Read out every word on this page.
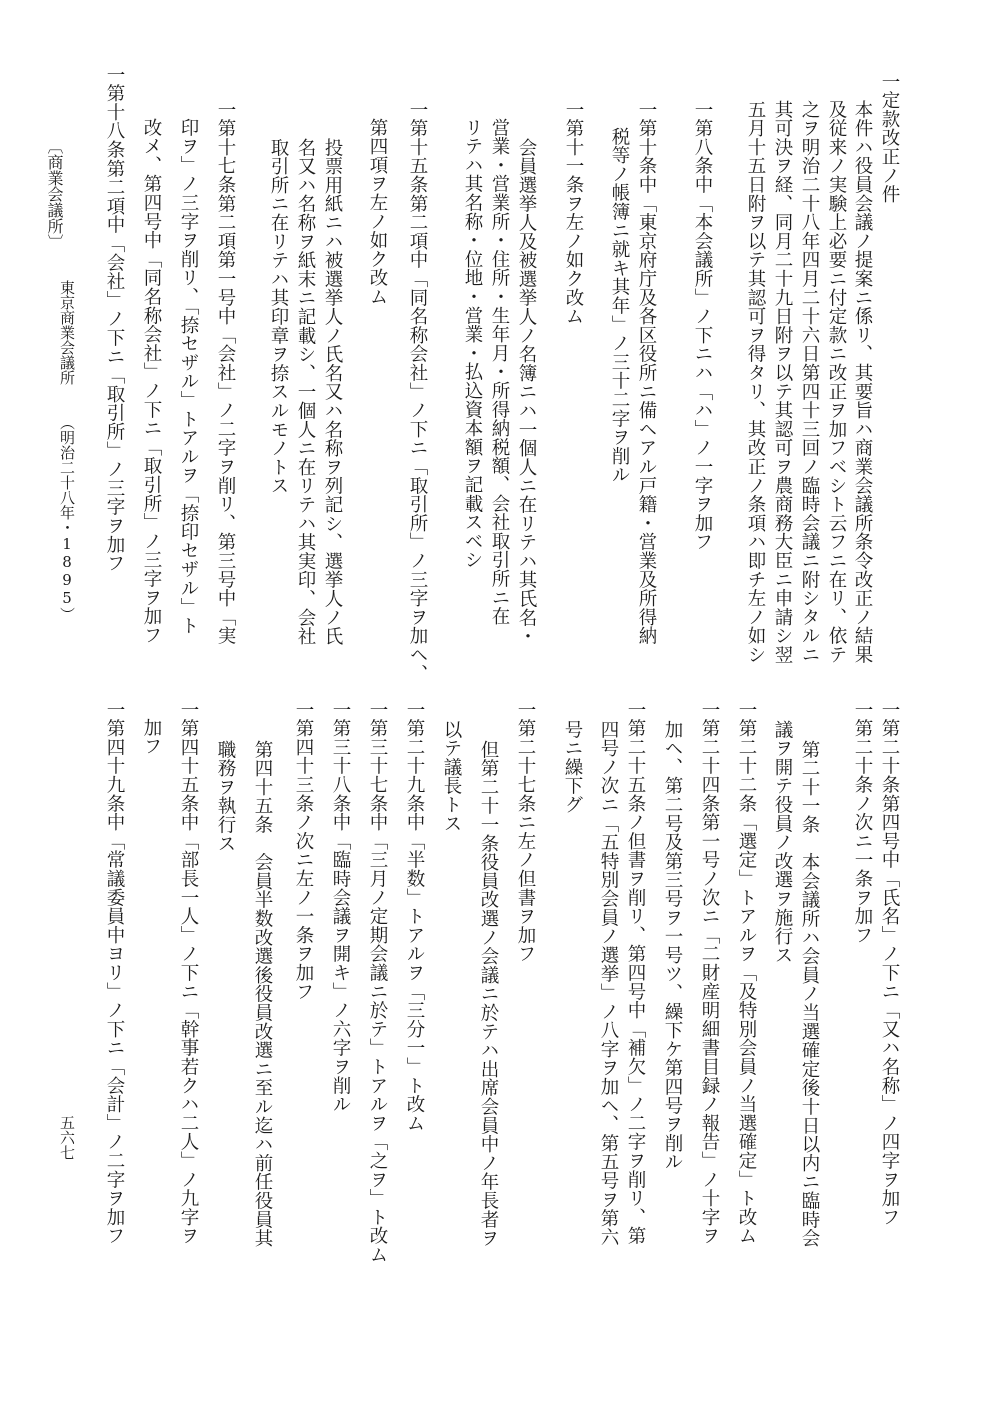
一定款改正ノ件
本件ハ役員会議ノ提案ニ係リ、其要旨ハ商業会議所条令改正ノ結果
及従来ノ実験上必要ニ付定款ニ改正ヲ加フベシト云フニ在リ、依テ
之ヲ明治二十八年四月二十六日第四十三回ノ臨時会議ニ附シタルニ
其可決ヲ経、同月二十九日附ヲ以テ其認可ヲ農商務大臣ニ申請シ翌
五月十五日附ヲ以テ其認可ヲ得タリ、其改正ノ条項ハ即チ左ノ如シ
一第八条中「本会議所」ノ下ニハ「ハ」ノ一字ヲ加フ
一第十条中「東京府庁及各区役所ニ備ヘアル戸籍・営業及所得納
税等ノ帳簿ニ就キ其年」ノ三十二字ヲ削ル
一第十一条ヲ左ノ如ク改ム
会員選挙人及被選挙人ノ名簿ニハ一個人ニ在リテハ其氏名・
営業・営業所・住所・生年月・所得納税額、会社取引所ニ在
リテハ其名称・位地・営業・払込資本額ヲ記載スベシ
一第十五条第二項中「同名称会社」ノ下ニ「取引所」ノ三字ヲ加ヘ、
第四項ヲ左ノ如ク改ム
投票用紙ニハ被選挙人ノ氏名又ハ名称ヲ列記シ、選挙人ノ氏
名又ハ名称ヲ紙末ニ記載シ、一個人ニ在リテハ其実印、会社
取引所ニ在リテハ其印章ヲ捺スルモノトス
一第十七条第二項第一号中「会社」ノ二字ヲ削リ、第三号中「実
印ヲ」ノ三字ヲ削リ、「捺セザル」トアルヲ「捺印セザル」ト
改メ、第四号中「同名称会社」ノ下ニ「取引所」ノ三字ヲ加フ
一第十八条第二項中「会社」ノ下ニ「取引所」ノ三字ヲ加フ
一第二十条第四号中「氏名」ノ下ニ「又ハ名称」ノ四字ヲ加フ
一第二十条ノ次ニ一条ヲ加フ
第二十一条　本会議所ハ会員ノ当選確定後十日以内ニ臨時会
議ヲ開テ役員ノ改選ヲ施行ス
一第二十二条「選定」トアルヲ「及特別会員ノ当選確定」ト改ム
一第二十四条第一号ノ次ニ「二財産明細書目録ノ報告」ノ十字ヲ
加ヘ、第二号及第三号ヲ一号ツ、繰下ケ第四号ヲ削ル
一第二十五条ノ但書ヲ削リ、第四号中「補欠」ノ二字ヲ削リ、第
四号ノ次ニ「五特別会員ノ選挙」ノ八字ヲ加ヘ、第五号ヲ第六
号ニ繰下グ
一第二十七条ニ左ノ但書ヲ加フ
但第二十一条役員改選ノ会議ニ於テハ出席会員中ノ年長者ヲ
以テ議長トス
一第二十九条中「半数」トアルヲ「三分一」ト改ム
一第三十七条中「三月ノ定期会議ニ於テ」トアルヲ「之ヲ」ト改ム
一第三十八条中「臨時会議ヲ開キ」ノ六字ヲ削ル
一第四十三条ノ次ニ左ノ一条ヲ加フ
第四十五条　会員半数改選後役員改選ニ至ル迄ハ前任役員其
職務ヲ執行ス
一第四十五条中「部長一人」ノ下ニ「幹事若クハ二人」ノ九字ヲ
加フ
一第四十九条中「常議委員中ヨリ」ノ下ニ「会計」ノ二字ヲ加フ
〔商業会議所〕
東京商業会議所
（明治二十八年・1895）
五六七
